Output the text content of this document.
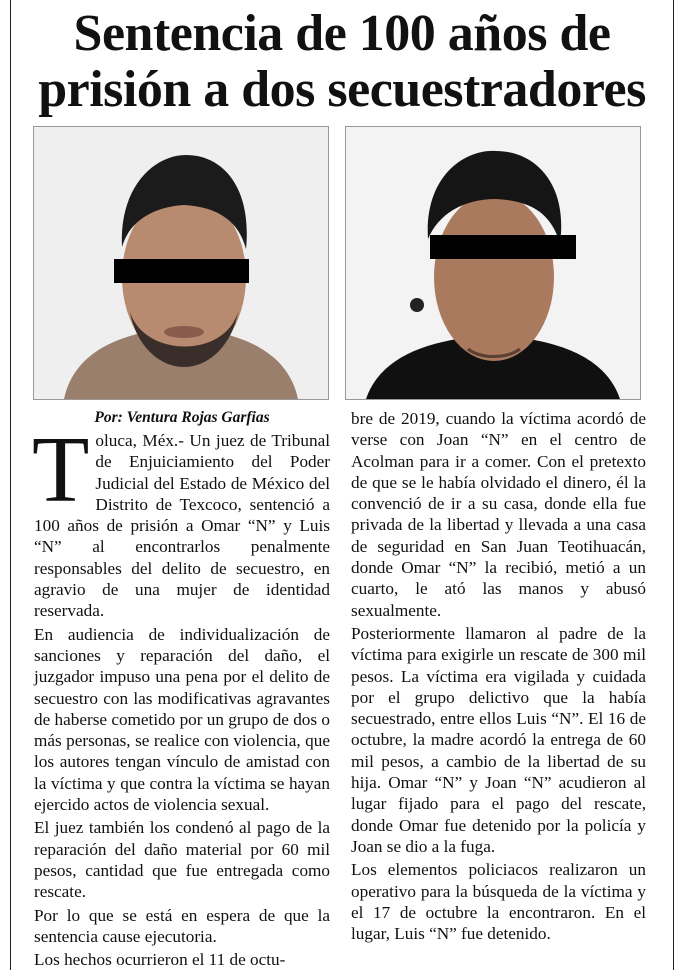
Sentencia de 100 años de
prisión a dos secuestradores
Por: Ventura Rojas Garfias

Toluca, Méx.- Un juez de Tribunal de Enjuiciamiento del Poder Judicial del Estado de México del Distrito de Texcoco, sentenció a 100 años de prisión a Omar “N” y Luis “N” al encontrarlos penalmente responsables del delito de secuestro, en agravio de una mujer de identidad reservada.

En audiencia de individualización de sanciones y reparación del daño, el juzgador impuso una pena por el delito de secuestro con las modificativas agravantes de haberse cometido por un grupo de dos o más personas, se realice con violencia, que los autores tengan vínculo de amistad con la víctima y que contra la víctima se hayan ejercido actos de violencia sexual.

El juez también los condenó al pago de la reparación del daño material por 60 mil pesos, cantidad que fue entregada como rescate.

Por lo que se está en espera de que la sentencia cause ejecutoria.

Los hechos ocurrieron el 11 de octu-

bre de 2019, cuando la víctima acordó de verse con Joan “N” en el centro de Acolman para ir a comer. Con el pretexto de que se le había olvidado el dinero, él la convenció de ir a su casa, donde ella fue privada de la libertad y llevada a una casa de seguridad en San Juan Teotihuacán, donde Omar “N” la recibió, metió a un cuarto, le ató las manos y abusó sexualmente.

Posteriormente llamaron al padre de la víctima para exigirle un rescate de 300 mil pesos. La víctima era vigilada y cuidada por el grupo delictivo que la había secuestrado, entre ellos Luis “N”. El 16 de octubre, la madre acordó la entrega de 60 mil pesos, a cambio de la libertad de su hija. Omar “N” y Joan “N” acudieron al lugar fijado para el pago del rescate, donde Omar fue detenido por la policía y Joan se dio a la fuga.

Los elementos policiacos realizaron un operativo para la búsqueda de la víctima y el 17 de octubre la encontraron. En el lugar, Luis “N” fue detenido.
